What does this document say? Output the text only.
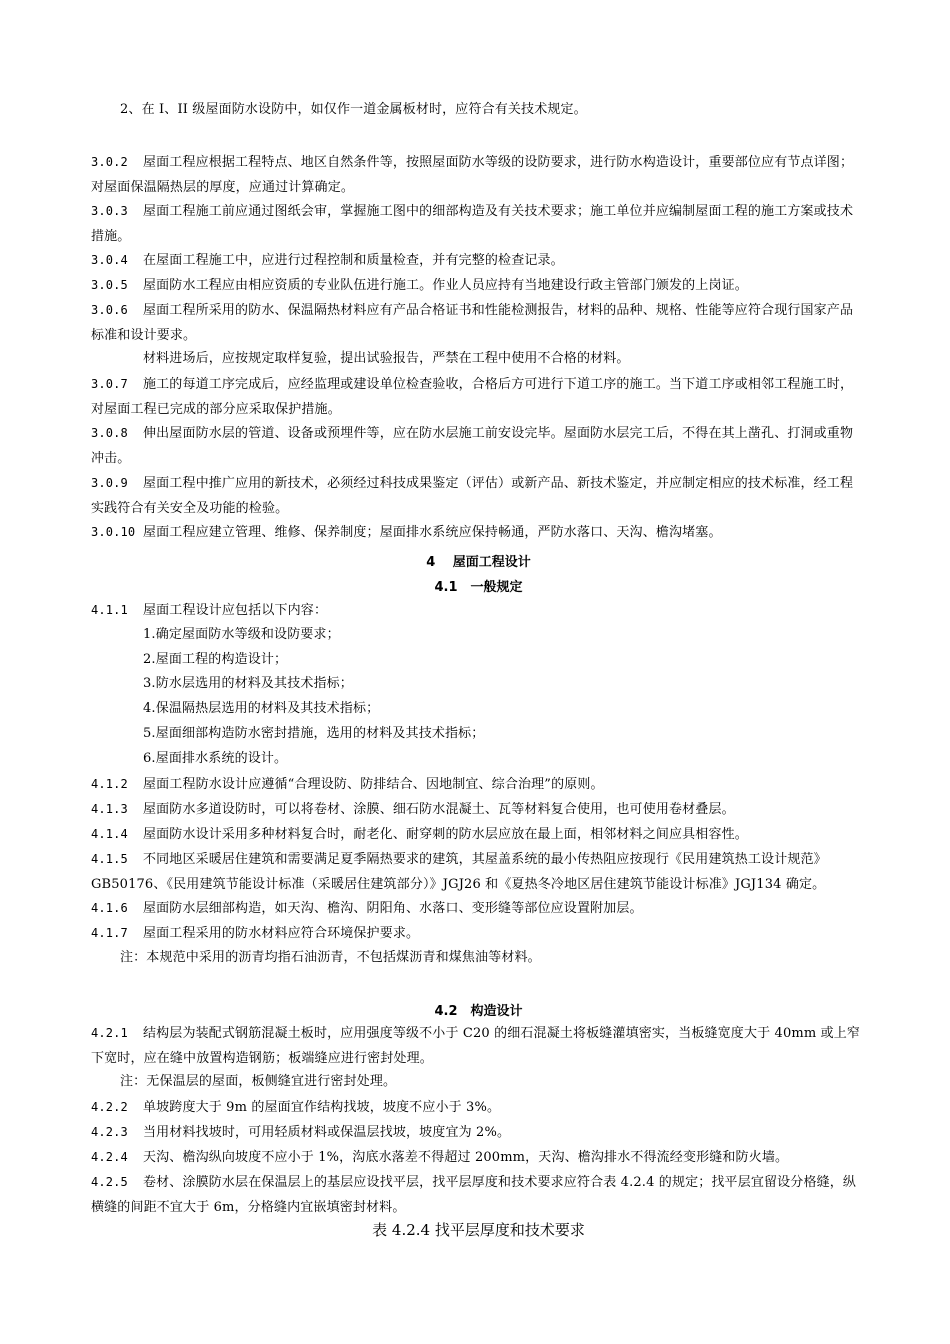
2、在 I、II 级屋面防水设防中，如仅作一道金属板材时，应符合有关技术规定。
3.0.2 屋面工程应根据工程特点、地区自然条件等，按照屋面防水等级的设防要求，进行防水构造设计，重要部位应有节点详图；对屋面保温隔热层的厚度，应通过计算确定。
3.0.3 屋面工程施工前应通过图纸会审，掌握施工图中的细部构造及有关技术要求；施工单位并应编制屋面工程的施工方案或技术措施。
3.0.4 在屋面工程施工中，应进行过程控制和质量检查，并有完整的检查记录。
3.0.5 屋面防水工程应由相应资质的专业队伍进行施工。作业人员应持有当地建设行政主管部门颁发的上岗证。
3.0.6 屋面工程所采用的防水、保温隔热材料应有产品合格证书和性能检测报告，材料的品种、规格、性能等应符合现行国家产品标准和设计要求。
材料进场后，应按规定取样复验，提出试验报告，严禁在工程中使用不合格的材料。
3.0.7 施工的每道工序完成后，应经监理或建设单位检查验收，合格后方可进行下道工序的施工。当下道工序或相邻工程施工时，对屋面工程已完成的部分应采取保护措施。
3.0.8 伸出屋面防水层的管道、设备或预埋件等，应在防水层施工前安设完毕。屋面防水层完工后，不得在其上凿孔、打洞或重物冲击。
3.0.9 屋面工程中推广应用的新技术，必须经过科技成果鉴定（评估）或新产品、新技术鉴定，并应制定相应的技术标准，经工程实践符合有关安全及功能的检验。
3.0.10 屋面工程应建立管理、维修、保养制度；屋面排水系统应保持畅通，严防水落口、天沟、檐沟堵塞。
4　 屋面工程设计
4.1　一般规定
4.1.1 屋面工程设计应包括以下内容：
1.确定屋面防水等级和设防要求；
2.屋面工程的构造设计；
3.防水层选用的材料及其技术指标；
4.保温隔热层选用的材料及其技术指标；
5.屋面细部构造防水密封措施，选用的材料及其技术指标；
6.屋面排水系统的设计。
4.1.2 屋面工程防水设计应遵循“合理设防、防排结合、因地制宜、综合治理”的原则。
4.1.3 屋面防水多道设防时，可以将卷材、涂膜、细石防水混凝土、瓦等材料复合使用，也可使用卷材叠层。
4.1.4 屋面防水设计采用多种材料复合时，耐老化、耐穿刺的防水层应放在最上面，相邻材料之间应具相容性。
4.1.5 不同地区采暖居住建筑和需要满足夏季隔热要求的建筑，其屋盖系统的最小传热阻应按现行《民用建筑热工设计规范》GB50176、《民用建筑节能设计标准（采暖居住建筑部分）》JGJ26 和《夏热冬冷地区居住建筑节能设计标准》JGJ134 确定。
4.1.6 屋面防水层细部构造，如天沟、檐沟、阴阳角、水落口、变形缝等部位应设置附加层。
4.1.7 屋面工程采用的防水材料应符合环境保护要求。
注：本规范中采用的沥青均指石油沥青，不包括煤沥青和煤焦油等材料。
4.2　构造设计
4.2.1 结构层为装配式钢筋混凝土板时，应用强度等级不小于 C20 的细石混凝土将板缝灌填密实，当板缝宽度大于 40mm 或上窄下宽时，应在缝中放置构造钢筋；板端缝应进行密封处理。
注：无保温层的屋面，板侧缝宜进行密封处理。
4.2.2 单坡跨度大于 9m 的屋面宜作结构找坡，坡度不应小于 3%。
4.2.3 当用材料找坡时，可用轻质材料或保温层找坡，坡度宜为 2%。
4.2.4 天沟、檐沟纵向坡度不应小于 1%，沟底水落差不得超过 200mm，天沟、檐沟排水不得流经变形缝和防火墙。
4.2.5 卷材、涂膜防水层在保温层上的基层应设找平层，找平层厚度和技术要求应符合表 4.2.4 的规定；找平层宜留设分格缝，纵横缝的间距不宜大于 6m，分格缝内宜嵌填密封材料。
表 4.2.4 找平层厚度和技术要求
